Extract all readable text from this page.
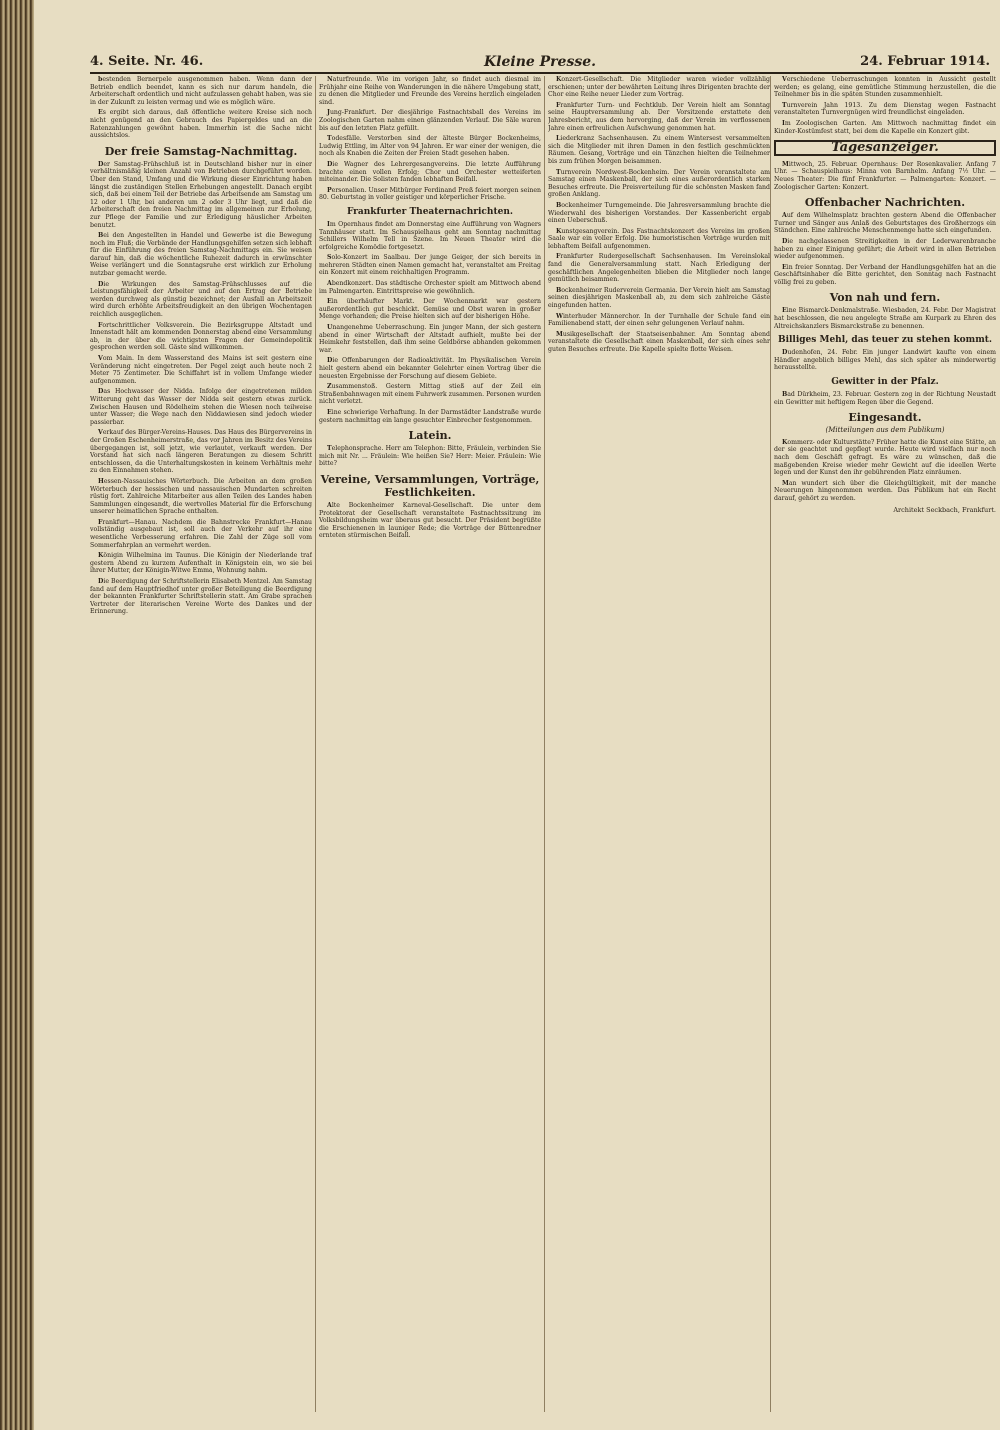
4. Seite. Nr. 46.	Kleine Presse.	24. Februar 1914.

bestenden Bernerpele ausgenommen haben. Wenn dann der Betrieb endlich beendet, kann es sich nur darum handeln, die Arbeiterschaft ordentlich und nicht aufzulassen gehabt haben, was sie in der Zukunft zu leisten vermag und wie es möglich wäre.

Es ergibt sich daraus, daß öffentliche weitere Kreise sich noch nicht genügend an den Gebrauch des Papiergeldes und an die Ratenzahlungen gewöhnt haben. Immerhin ist die Sache nicht aussichtslos.

Der freie Samstag-Nachmittag.

Der Samstag-Frühschluß ist in Deutschland bisher nur in einer verhältnismäßig kleinen Anzahl von Betrieben durchgeführt worden. Über den Stand, Umfang und die Wirkung dieser Einrichtung haben längst die zuständigen Stellen Erhebungen angestellt. Danach ergibt sich, daß bei einem Teil der Betriebe das Arbeitsende am Samstag um 12 oder 1 Uhr, bei anderen um 2 oder 3 Uhr liegt, und daß die Arbeiterschaft den freien Nachmittag im allgemeinen zur Erholung, zur Pflege der Familie und zur Erledigung häuslicher Arbeiten benutzt.

Bei den Angestellten in Handel und Gewerbe ist die Bewegung noch im Fluß; die Verbände der Handlungsgehilfen setzen sich lebhaft für die Einführung des freien Samstag-Nachmittags ein. Sie weisen darauf hin, daß die wöchentliche Ruhezeit dadurch in erwünschter Weise verlängert und die Sonntagsruhe erst wirklich zur Erholung nutzbar gemacht werde.

Die Wirkungen des Samstag-Frühschlusses auf die Leistungsfähigkeit der Arbeiter und auf den Ertrag der Betriebe werden durchweg als günstig bezeichnet; der Ausfall an Arbeitszeit wird durch erhöhte Arbeitsfreudigkeit an den übrigen Wochentagen reichlich ausgeglichen.

Fortschrittlicher Volksverein. Die Bezirksgruppe Altstadt und Innenstadt hält am kommenden Donnerstag abend eine Versammlung ab, in der über die wichtigsten Fragen der Gemeindepolitik gesprochen werden soll. Gäste sind willkommen.

Vom Main. In dem Wasserstand des Mains ist seit gestern eine Veränderung nicht eingetreten. Der Pegel zeigt auch heute noch 2 Meter 75 Zentimeter. Die Schiffahrt ist in vollem Umfange wieder aufgenommen.

Das Hochwasser der Nidda. Infolge der eingetretenen milden Witterung geht das Wasser der Nidda seit gestern etwas zurück. Zwischen Hausen und Rödelheim stehen die Wiesen noch teilweise unter Wasser; die Wege nach den Niddawiesen sind jedoch wieder passierbar.

Verkauf des Bürger-Vereins-Hauses. Das Haus des Bürgervereins in der Großen Eschenheimerstraße, das vor Jahren im Besitz des Vereins übergegangen ist, soll jetzt, wie verlautet, verkauft werden. Der Vorstand hat sich nach längeren Beratungen zu diesem Schritt entschlossen, da die Unterhaltungskosten in keinem Verhältnis mehr zu den Einnahmen stehen.

Hessen-Nassauisches Wörterbuch. Die Arbeiten an dem großen Wörterbuch der hessischen und nassauischen Mundarten schreiten rüstig fort. Zahlreiche Mitarbeiter aus allen Teilen des Landes haben Sammlungen eingesandt, die wertvolles Material für die Erforschung unserer heimatlichen Sprache enthalten.

Frankfurt—Hanau. Nachdem die Bahnstrecke Frankfurt—Hanau vollständig ausgebaut ist, soll auch der Verkehr auf ihr eine wesentliche Verbesserung erfahren. Die Zahl der Züge soll vom Sommerfahrplan an vermehrt werden.

Königin Wilhelmina im Taunus. Die Königin der Niederlande traf gestern Abend zu kurzem Aufenthalt in Königstein ein, wo sie bei ihrer Mutter, der Königin-Witwe Emma, Wohnung nahm.

Die Beerdigung der Schriftstellerin Elisabeth Mentzel. Am Samstag fand auf dem Hauptfriedhof unter großer Beteiligung die Beerdigung der bekannten Frankfurter Schriftstellerin statt. Am Grabe sprachen Vertreter der literarischen Vereine Worte des Dankes und der Erinnerung.

Naturfreunde. Wie im vorigen Jahr, so findet auch diesmal im Frühjahr eine Reihe von Wanderungen in die nähere Umgebung statt, zu denen die Mitglieder und Freunde des Vereins herzlich eingeladen sind.

Jung-Frankfurt. Der diesjährige Fastnachtsball des Vereins im Zoologischen Garten nahm einen glänzenden Verlauf. Die Säle waren bis auf den letzten Platz gefüllt.

Todesfälle. Verstorben sind der älteste Bürger Bockenheims, Ludwig Ettling, im Alter von 94 Jahren. Er war einer der wenigen, die noch als Knaben die Zeiten der Freien Stadt gesehen haben.

Die Wagner des Lehrergesangvereins. Die letzte Aufführung brachte einen vollen Erfolg; Chor und Orchester wetteiferten miteinander. Die Solisten fanden lebhaften Beifall.

Personalien. Unser Mitbürger Ferdinand Preß feiert morgen seinen 80. Geburtstag in voller geistiger und körperlicher Frische.

Frankfurter Theaternachrichten.

Im Opernhaus findet am Donnerstag eine Aufführung von Wagners Tannhäuser statt. Im Schauspielhaus geht am Sonntag nachmittag Schillers Wilhelm Tell in Szene. Im Neuen Theater wird die erfolgreiche Komödie fortgesetzt.

Solo-Konzert im Saalbau. Der junge Geiger, der sich bereits in mehreren Städten einen Namen gemacht hat, veranstaltet am Freitag ein Konzert mit einem reichhaltigen Programm.

Abendkonzert. Das städtische Orchester spielt am Mittwoch abend im Palmengarten. Eintrittspreise wie gewöhnlich.

Ein überhäufter Markt. Der Wochenmarkt war gestern außerordentlich gut beschickt. Gemüse und Obst waren in großer Menge vorhanden; die Preise hielten sich auf der bisherigen Höhe.

Unangenehme Ueberraschung. Ein junger Mann, der sich gestern abend in einer Wirtschaft der Altstadt aufhielt, mußte bei der Heimkehr feststellen, daß ihm seine Geldbörse abhanden gekommen war.

Die Offenbarungen der Radioaktivität. Im Physikalischen Verein hielt gestern abend ein bekannter Gelehrter einen Vortrag über die neuesten Ergebnisse der Forschung auf diesem Gebiete.

Zusammenstoß. Gestern Mittag stieß auf der Zeil ein Straßenbahnwagen mit einem Fuhrwerk zusammen. Personen wurden nicht verletzt.

Eine schwierige Verhaftung. In der Darmstädter Landstraße wurde gestern nachmittag ein lange gesuchter Einbrecher festgenommen.

Latein.

Telephonsprache. Herr am Telephon: Bitte, Fräulein, verbinden Sie mich mit Nr. ... Fräulein: Wie heißen Sie? Herr: Meier. Fräulein: Wie bitte?

Vereine, Versammlungen, Vorträge, Festlichkeiten.

Alte Bockenheimer Karneval-Gesellschaft. Die unter dem Protektorat der Gesellschaft veranstaltete Fastnachtssitzung im Volksbildungsheim war überaus gut besucht. Der Präsident begrüßte die Erschienenen in launiger Rede; die Vorträge der Büttenredner ernteten stürmischen Beifall.

Konzert-Gesellschaft. Die Mitglieder waren wieder vollzählig erschienen; unter der bewährten Leitung ihres Dirigenten brachte der Chor eine Reihe neuer Lieder zum Vortrag.

Frankfurter Turn- und Fechtklub. Der Verein hielt am Sonntag seine Hauptversammlung ab. Der Vorsitzende erstattete den Jahresbericht, aus dem hervorging, daß der Verein im verflossenen Jahre einen erfreulichen Aufschwung genommen hat.

Liederkranz Sachsenhausen. Zu einem Wintersest versammelten sich die Mitglieder mit ihren Damen in den festlich geschmückten Räumen. Gesang, Vorträge und ein Tänzchen hielten die Teilnehmer bis zum frühen Morgen beisammen.

Turnverein Nordwest-Bockenheim. Der Verein veranstaltete am Samstag einen Maskenball, der sich eines außerordentlich starken Besuches erfreute. Die Preisverteilung für die schönsten Masken fand großen Anklang.

Bockenheimer Turngemeinde. Die Jahresversammlung brachte die Wiederwahl des bisherigen Vorstandes. Der Kassenbericht ergab einen Ueberschuß.

Kunstgesangverein. Das Fastnachtskonzert des Vereins im großen Saale war ein voller Erfolg. Die humoristischen Vorträge wurden mit lebhaftem Beifall aufgenommen.

Frankfurter Rudergesellschaft Sachsenhausen. Im Vereinslokal fand die Generalversammlung statt. Nach Erledigung der geschäftlichen Angelegenheiten blieben die Mitglieder noch lange gemütlich beisammen.

Bockenheimer Ruderverein Germania. Der Verein hielt am Samstag seinen diesjährigen Maskenball ab, zu dem sich zahlreiche Gäste eingefunden hatten.

Winterhuder Männerchor. In der Turnhalle der Schule fand ein Familienabend statt, der einen sehr gelungenen Verlauf nahm.

Musikgesellschaft der Staatseisenbahner. Am Sonntag abend veranstaltete die Gesellschaft einen Maskenball, der sich eines sehr guten Besuches erfreute. Die Kapelle spielte flotte Weisen.

Verschiedene Ueberraschungen konnten in Aussicht gestellt werden; es gelang, eine gemütliche Stimmung herzustellen, die die Teilnehmer bis in die späten Stunden zusammenhielt.

Turnverein Jahn 1913. Zu dem Dienstag wegen Fastnacht veranstalteten Turnvergnügen wird freundlichst eingeladen.

Im Zoologischen Garten. Am Mittwoch nachmittag findet ein Kinder-Kostümfest statt, bei dem die Kapelle ein Konzert gibt.

Tagesanzeiger.

Mittwoch, 25. Februar. Opernhaus: Der Rosenkavalier. Anfang 7 Uhr. — Schauspielhaus: Minna von Barnhelm. Anfang 7½ Uhr. — Neues Theater: Die fünf Frankfurter. — Palmengarten: Konzert. — Zoologischer Garten: Konzert.

Offenbacher Nachrichten.

Auf dem Wilhelmsplatz brachten gestern Abend die Offenbacher Turner und Sänger aus Anlaß des Geburtstages des Großherzogs ein Ständchen. Eine zahlreiche Menschenmenge hatte sich eingefunden.

Die nachgelassenen Streitigkeiten in der Lederwarenbranche haben zu einer Einigung geführt; die Arbeit wird in allen Betrieben wieder aufgenommen.

Ein freier Sonntag. Der Verband der Handlungsgehilfen hat an die Geschäftsinhaber die Bitte gerichtet, den Sonntag nach Fastnacht völlig frei zu geben.

Von nah und fern.

Eine Bismarck-Denkmalstraße. Wiesbaden, 24. Febr. Der Magistrat hat beschlossen, die neu angelegte Straße am Kurpark zu Ehren des Altreichskanzlers Bismarckstraße zu benennen.

Billiges Mehl, das teuer zu stehen kommt.

Dudenhofen, 24. Febr. Ein junger Landwirt kaufte von einem Händler angeblich billiges Mehl, das sich später als minderwertig herausstellte.

Gewitter in der Pfalz.

Bad Dürkheim, 23. Februar. Gestern zog in der Richtung Neustadt ein Gewitter mit heftigem Regen über die Gegend.

Eingesandt.
(Mitteilungen aus dem Publikum)

Kommerz- oder Kulturstätte? Früher hatte die Kunst eine Stätte, an der sie geachtet und gepflegt wurde. Heute wird vielfach nur noch nach dem Geschäft gefragt. Es wäre zu wünschen, daß die maßgebenden Kreise wieder mehr Gewicht auf die ideellen Werte legen und der Kunst den ihr gebührenden Platz einräumen.

Man wundert sich über die Gleichgültigkeit, mit der manche Neuerungen hingenommen werden. Das Publikum hat ein Recht darauf, gehört zu werden.

Architekt Seckbach, Frankfurt.
